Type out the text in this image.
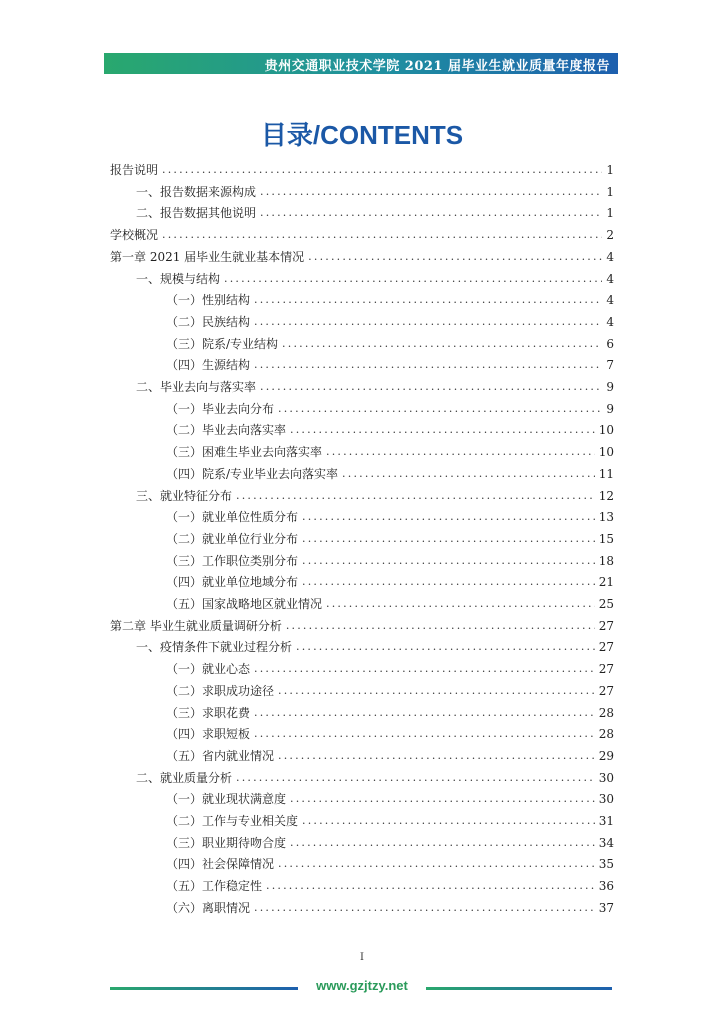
贵州交通职业技术学院 2021 届毕业生就业质量年度报告
目录/CONTENTS
报告说明 .....	1
一、报告数据来源构成 .....	1
二、报告数据其他说明 .....	1
学校概况 .....	2
第一章 2021 届毕业生就业基本情况 .....	4
一、规模与结构 .....	4
（一）性别结构 .....	4
（二）民族结构 .....	4
（三）院系/专业结构 .....	6
（四）生源结构 .....	7
二、毕业去向与落实率 .....	9
（一）毕业去向分布 .....	9
（二）毕业去向落实率 .....	10
（三）困难生毕业去向落实率 .....	10
（四）院系/专业毕业去向落实率 .....	11
三、就业特征分布 .....	12
（一）就业单位性质分布 .....	13
（二）就业单位行业分布 .....	15
（三）工作职位类别分布 .....	18
（四）就业单位地域分布 .....	21
（五）国家战略地区就业情况 .....	25
第二章 毕业生就业质量调研分析 .....	27
一、疫情条件下就业过程分析 .....	27
（一）就业心态 .....	27
（二）求职成功途径 .....	27
（三）求职花费 .....	28
（四）求职短板 .....	28
（五）省内就业情况 .....	29
二、就业质量分析 .....	30
（一）就业现状满意度 .....	30
（二）工作与专业相关度 .....	31
（三）职业期待吻合度 .....	34
（四）社会保障情况 .....	35
（五）工作稳定性 .....	36
（六）离职情况 .....	37
I
www.gzjtzy.net
